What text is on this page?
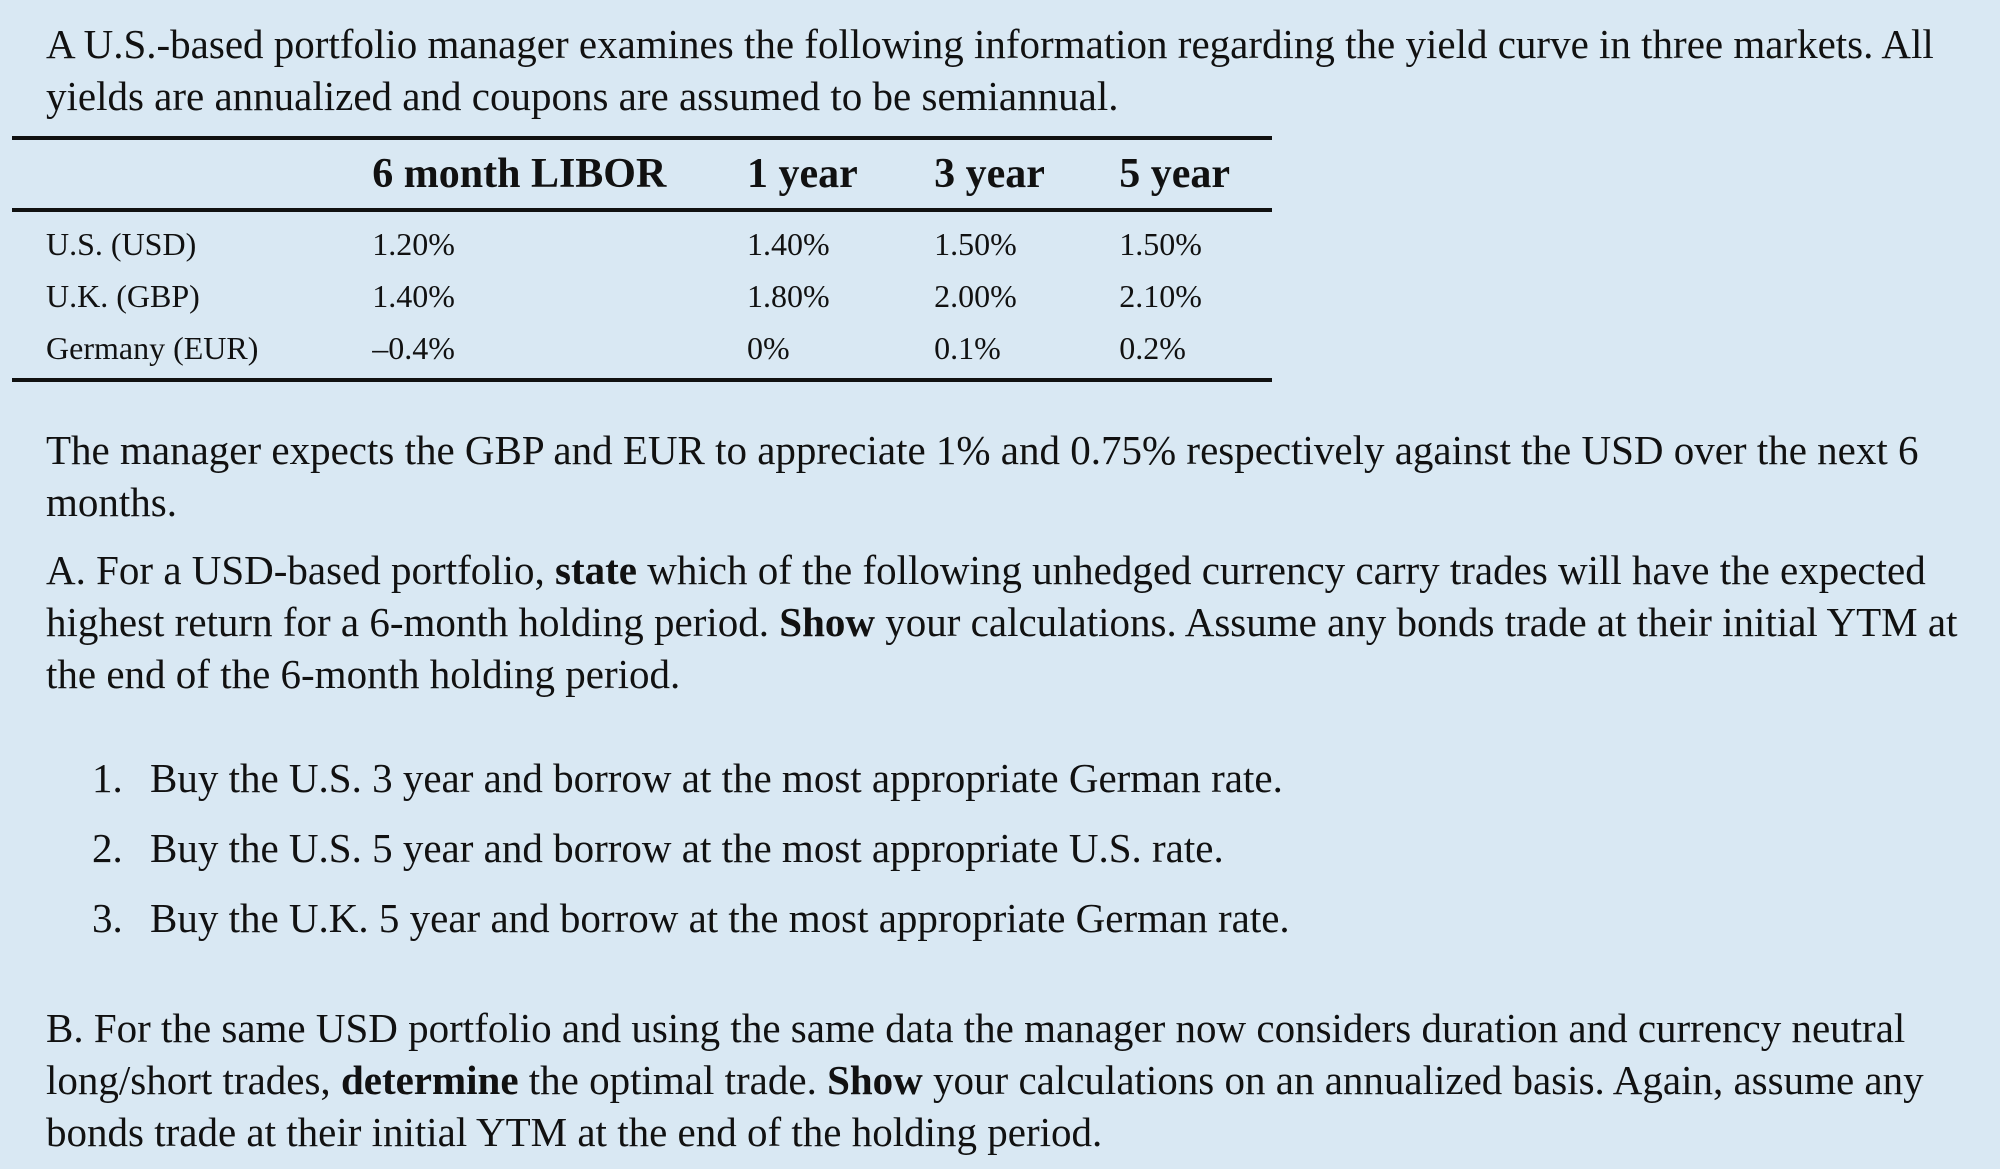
A U.S.-based portfolio manager examines the following information regarding the yield curve in three markets. All yields are annualized and coupons are assumed to be semiannual.

	6 month LIBOR	1 year	3 year	5 year
U.S. (USD)	1.20%	1.40%	1.50%	1.50%
U.K. (GBP)	1.40%	1.80%	2.00%	2.10%
Germany (EUR)	–0.4%	0%	0.1%	0.2%

The manager expects the GBP and EUR to appreciate 1% and 0.75% respectively against the USD over the next 6 months.

A. For a USD-based portfolio, state which of the following unhedged currency carry trades will have the expected highest return for a 6-month holding period. Show your calculations. Assume any bonds trade at their initial YTM at the end of the 6-month holding period.

1. Buy the U.S. 3 year and borrow at the most appropriate German rate.
2. Buy the U.S. 5 year and borrow at the most appropriate U.S. rate.
3. Buy the U.K. 5 year and borrow at the most appropriate German rate.

B. For the same USD portfolio and using the same data the manager now considers duration and currency neutral long/short trades, determine the optimal trade. Show your calculations on an annualized basis. Again, assume any bonds trade at their initial YTM at the end of the holding period.
